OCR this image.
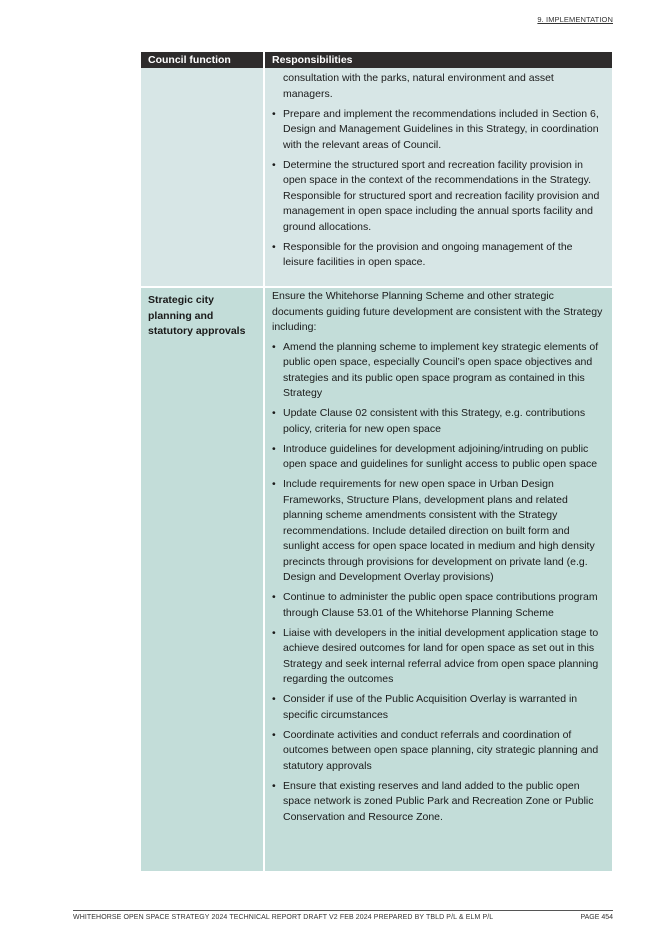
9. IMPLEMENTATION
Council function	Responsibilities
consultation with the parks, natural environment and asset managers.
• Prepare and implement the recommendations included in Section 6, Design and Management Guidelines in this Strategy, in coordination with the relevant areas of Council.
• Determine the structured sport and recreation facility provision in open space in the context of the recommendations in the Strategy. Responsible for structured sport and recreation facility provision and management in open space including the annual sports facility and ground allocations.
• Responsible for the provision and ongoing management of the leisure facilities in open space.
Strategic city planning and statutory approvals

Ensure the Whitehorse Planning Scheme and other strategic documents guiding future development are consistent with the Strategy including:

• Amend the planning scheme to implement key strategic elements of public open space, especially Council’s open space objectives and strategies and its public open space program as contained in this Strategy
• Update Clause 02 consistent with this Strategy, e.g. contributions policy, criteria for new open space
• Introduce guidelines for development adjoining/intruding on public open space and guidelines for sunlight access to public open space
• Include requirements for new open space in Urban Design Frameworks, Structure Plans, development plans and related planning scheme amendments consistent with the Strategy recommendations. Include detailed direction on built form and sunlight access for open space located in medium and high density precincts through provisions for development on private land (e.g. Design and Development Overlay provisions)
• Continue to administer the public open space contributions program through Clause 53.01 of the Whitehorse Planning Scheme
• Liaise with developers in the initial development application stage to achieve desired outcomes for land for open space as set out in this Strategy and seek internal referral advice from open space planning regarding the outcomes
• Consider if use of the Public Acquisition Overlay is warranted in specific circumstances
• Coordinate activities and conduct referrals and coordination of outcomes between open space planning, city strategic planning and statutory approvals
• Ensure that existing reserves and land added to the public open space network is zoned Public Park and Recreation Zone or Public Conservation and Resource Zone.
WHITEHORSE OPEN SPACE STRATEGY 2024 TECHNICAL REPORT DRAFT V2 FEB 2024 PREPARED BY TBLD P/L & ELM P/L	PAGE 454
